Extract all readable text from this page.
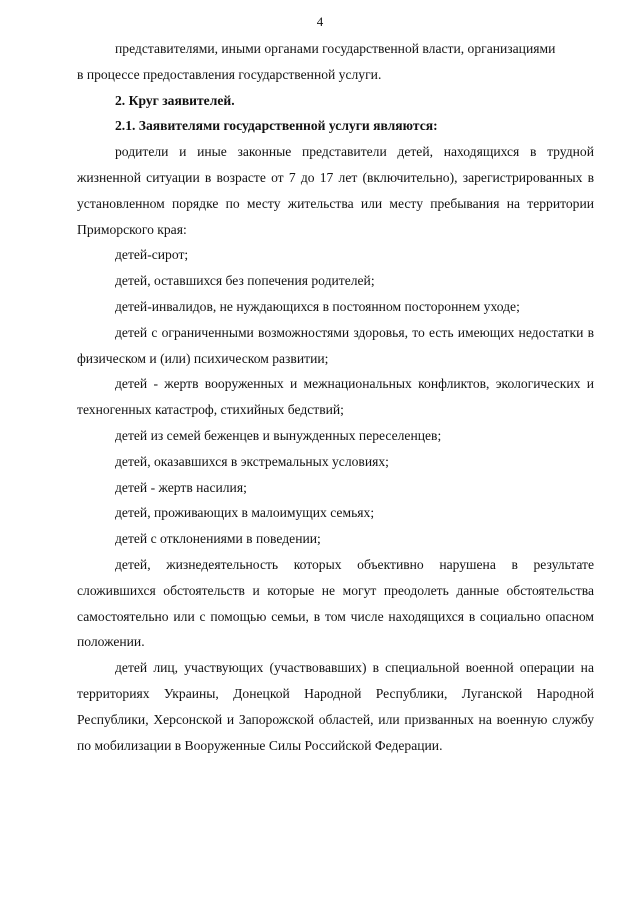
4

представителями, иными органами государственной власти, организациями

в процессе предоставления государственной услуги.

2. Круг заявителей.

2.1. Заявителями государственной услуги являются:

родители и иные законные представители детей, находящихся в трудной жизненной ситуации в возрасте от 7 до 17 лет (включительно), зарегистрированных в установленном порядке по месту жительства или месту пребывания на территории Приморского края:

детей-сирот;

детей, оставшихся без попечения родителей;

детей-инвалидов, не нуждающихся в постоянном постороннем уходе;

детей с ограниченными возможностями здоровья, то есть имеющих недостатки в физическом и (или) психическом развитии;

детей - жертв вооруженных и межнациональных конфликтов, экологических и техногенных катастроф, стихийных бедствий;

детей из семей беженцев и вынужденных переселенцев;

детей, оказавшихся в экстремальных условиях;

детей - жертв насилия;

детей, проживающих в малоимущих семьях;

детей с отклонениями в поведении;

детей, жизнедеятельность которых объективно нарушена в результате сложившихся обстоятельств и которые не могут преодолеть данные обстоятельства самостоятельно или с помощью семьи, в том числе находящихся в социально опасном положении.

детей лиц, участвующих (участвовавших) в специальной военной операции на территориях Украины, Донецкой Народной Республики, Луганской Народной Республики, Херсонской и Запорожской областей, или призванных на военную службу по мобилизации в Вооруженные Силы Российской Федерации.
